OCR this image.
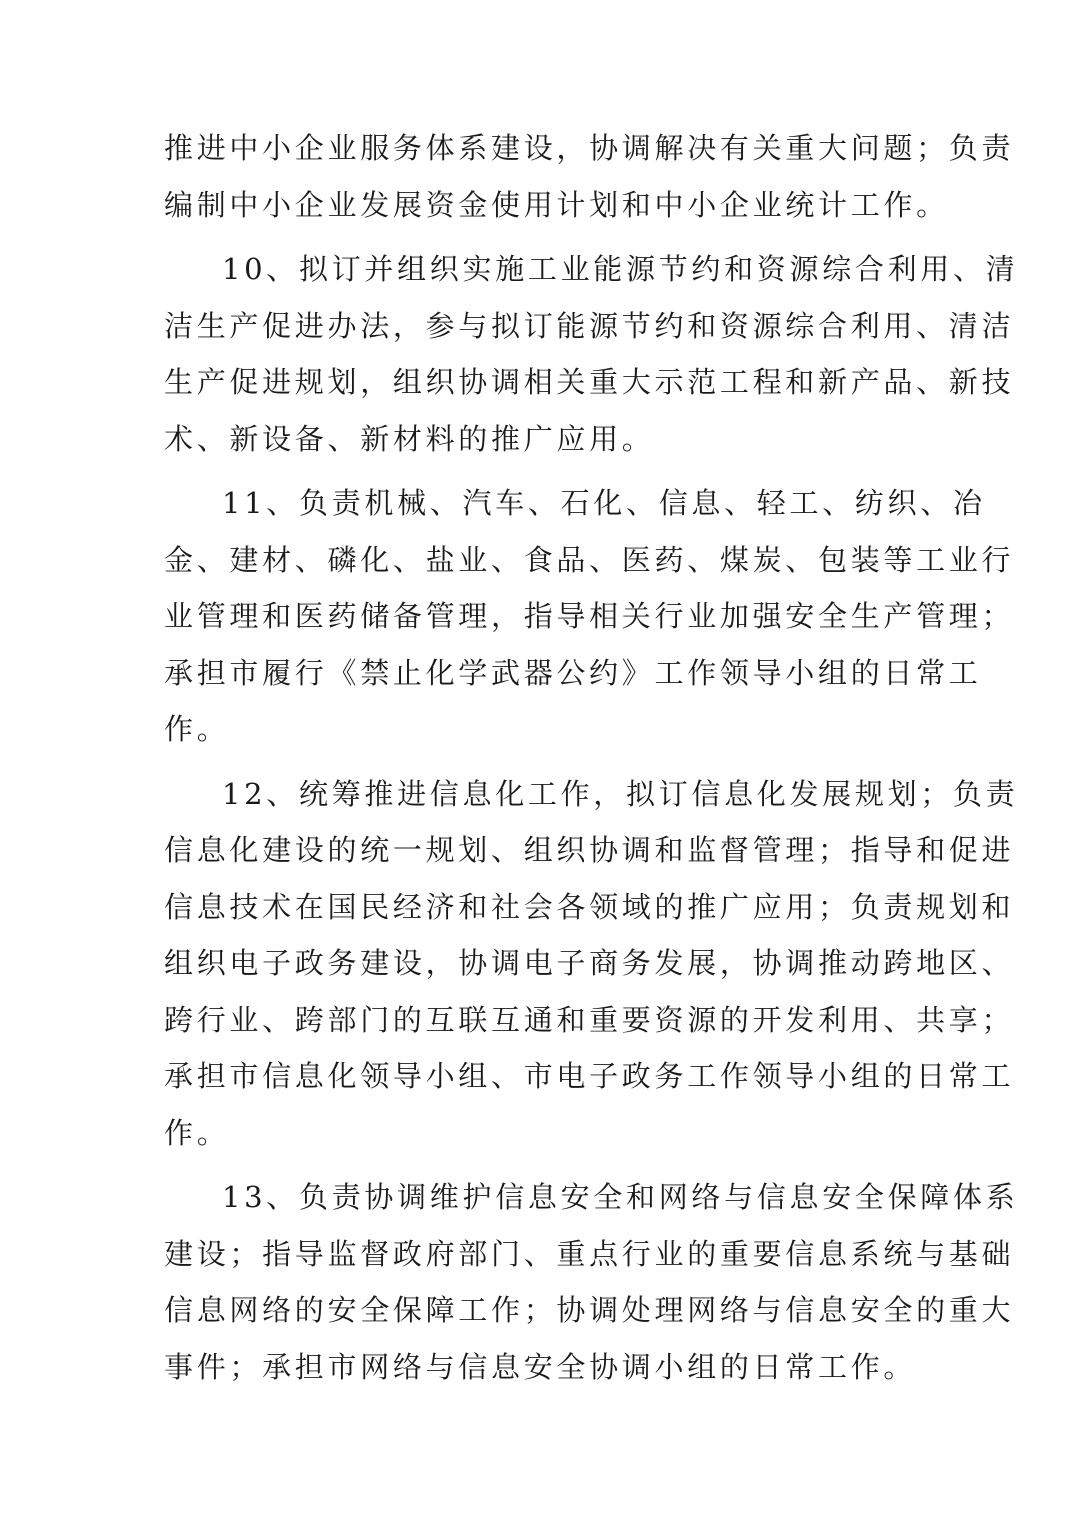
推进中小企业服务体系建设，协调解决有关重大问题；负责
编制中小企业发展资金使用计划和中小企业统计工作。
10、拟订并组织实施工业能源节约和资源综合利用、清
洁生产促进办法，参与拟订能源节约和资源综合利用、清洁
生产促进规划，组织协调相关重大示范工程和新产品、新技
术、新设备、新材料的推广应用。
11、负责机械、汽车、石化、信息、轻工、纺织、冶
金、建材、磷化、盐业、食品、医药、煤炭、包装等工业行
业管理和医药储备管理，指导相关行业加强安全生产管理；
承担市履行《禁止化学武器公约》工作领导小组的日常工
作。
12、统筹推进信息化工作，拟订信息化发展规划；负责
信息化建设的统一规划、组织协调和监督管理；指导和促进
信息技术在国民经济和社会各领域的推广应用；负责规划和
组织电子政务建设，协调电子商务发展，协调推动跨地区、
跨行业、跨部门的互联互通和重要资源的开发利用、共享；
承担市信息化领导小组、市电子政务工作领导小组的日常工
作。
13、负责协调维护信息安全和网络与信息安全保障体系
建设；指导监督政府部门、重点行业的重要信息系统与基础
信息网络的安全保障工作；协调处理网络与信息安全的重大
事件；承担市网络与信息安全协调小组的日常工作。
